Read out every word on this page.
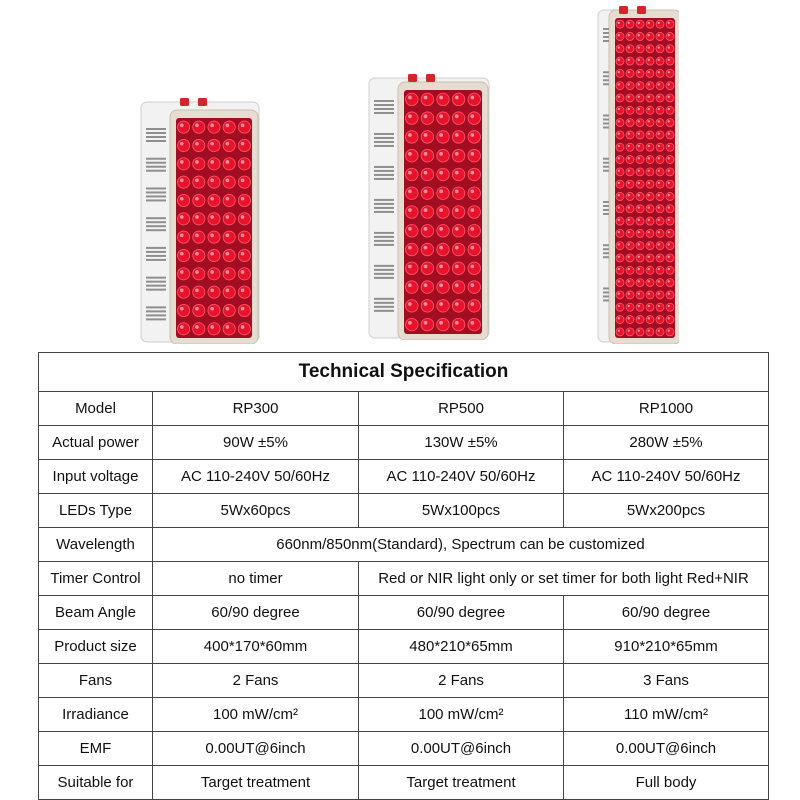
Technical Specification			
Model	RP300	RP500	RP1000
Actual power	90W ±5%	130W ±5%	280W ±5%
Input voltage	AC 110-240V 50/60Hz	AC 110-240V 50/60Hz	AC 110-240V 50/60Hz
LEDs Type	5Wx60pcs	5Wx100pcs	5Wx200pcs
Wavelength	660nm/850nm(Standard), Spectrum can be customized		
Timer Control	no timer	Red or NIR light only or set timer for both light Red+NIR	
Beam Angle	60/90 degree	60/90 degree	60/90 degree
Product size	400*170*60mm	480*210*65mm	910*210*65mm
Fans	2 Fans	2 Fans	3 Fans
Irradiance	100 mW/cm²	100 mW/cm²	110 mW/cm²
EMF	0.00UT@6inch	0.00UT@6inch	0.00UT@6inch
Suitable for	Target treatment	Target treatment	Full body
